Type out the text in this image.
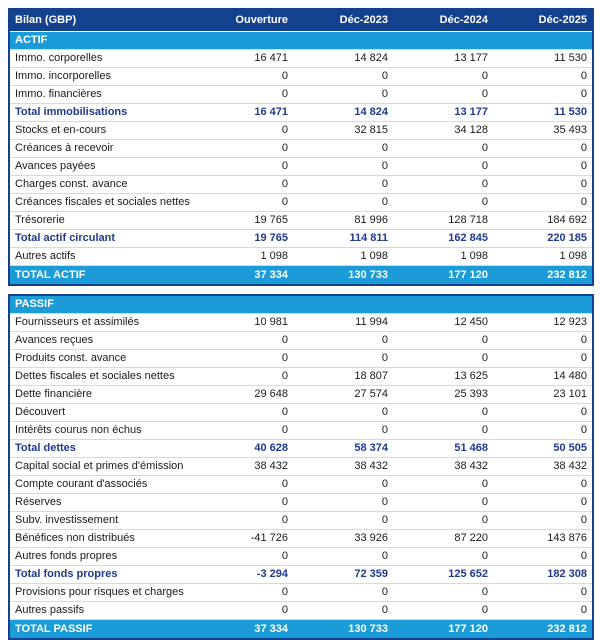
Bilan (GBP)	Ouverture	Déc-2023	Déc-2024	Déc-2025
ACTIF				
Immo. corporelles	16 471	14 824	13 177	11 530
Immo. incorporelles	0	0	0	0
Immo. financières	0	0	0	0
Total immobilisations	16 471	14 824	13 177	11 530
Stocks et en-cours	0	32 815	34 128	35 493
Créances à recevoir	0	0	0	0
Avances payées	0	0	0	0
Charges const. avance	0	0	0	0
Créances fiscales et sociales nettes	0	0	0	0
Trésorerie	19 765	81 996	128 718	184 692
Total actif circulant	19 765	114 811	162 845	220 185
Autres actifs	1 098	1 098	1 098	1 098
TOTAL ACTIF	37 334	130 733	177 120	232 812
PASSIF				
Fournisseurs et assimilés	10 981	11 994	12 450	12 923
Avances reçues	0	0	0	0
Produits const. avance	0	0	0	0
Dettes fiscales et sociales nettes	0	18 807	13 625	14 480
Dette financière	29 648	27 574	25 393	23 101
Découvert	0	0	0	0
Intérêts courus non échus	0	0	0	0
Total dettes	40 628	58 374	51 468	50 505
Capital social et primes d'émission	38 432	38 432	38 432	38 432
Compte courant d'associés	0	0	0	0
Réserves	0	0	0	0
Subv. investissement	0	0	0	0
Bénéfices non distribués	-41 726	33 926	87 220	143 876
Autres fonds propres	0	0	0	0
Total fonds propres	-3 294	72 359	125 652	182 308
Provisions pour risques et charges	0	0	0	0
Autres passifs	0	0	0	0
TOTAL PASSIF	37 334	130 733	177 120	232 812
